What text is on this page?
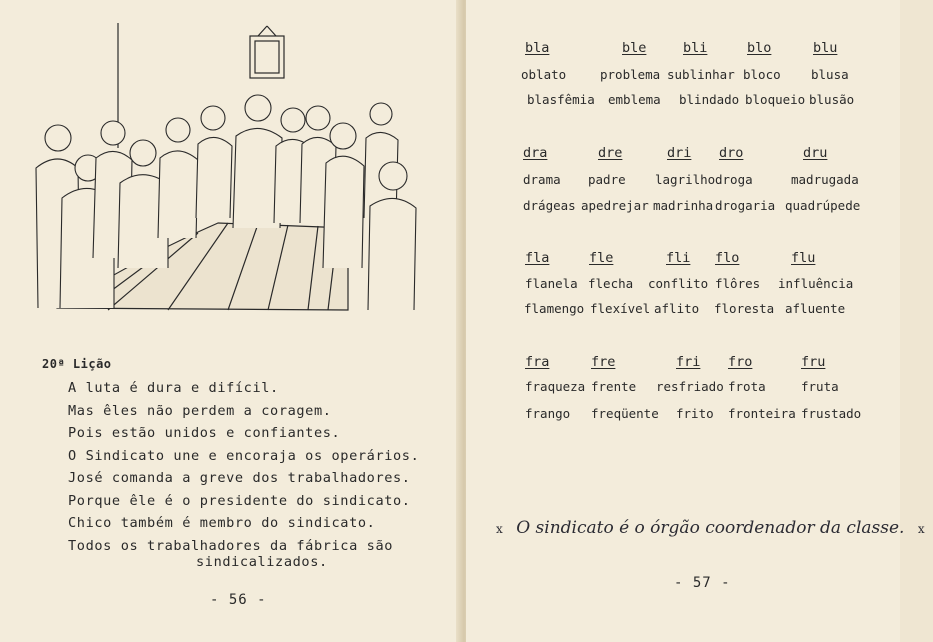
20ª Lição
A luta é dura e difícil.
Mas êles não perdem a coragem.
Pois estão unidos e confiantes.
O Sindicato une e encoraja os operários.
José comanda a greve dos trabalhadores.
Porque êle é o presidente do sindicato.
Chico também é membro do sindicato.
Todos os trabalhadores da fábrica são
sindicalizados.
- 56 -
bla	ble	bli	blo	blu
oblato	problema sublinhar bloco blusa
blasfêmia emblema blindado bloqueio blusão
dra	dre	dri dro	dru
drama padre lagrilho droga	madrugada
drágeas apedrejar madrinha drogaria quadrúpede
fla	fle	fli flo	flu
flanela flecha conflito flôres influência
flamengo flexível aflito floresta afluente
fra	fre	fri fro	fru
fraqueza frente resfriado frota	fruta
frango freqüente frito fronteira frustado
- 57 -
x O sindicato é o órgão coordenador da classe. x
